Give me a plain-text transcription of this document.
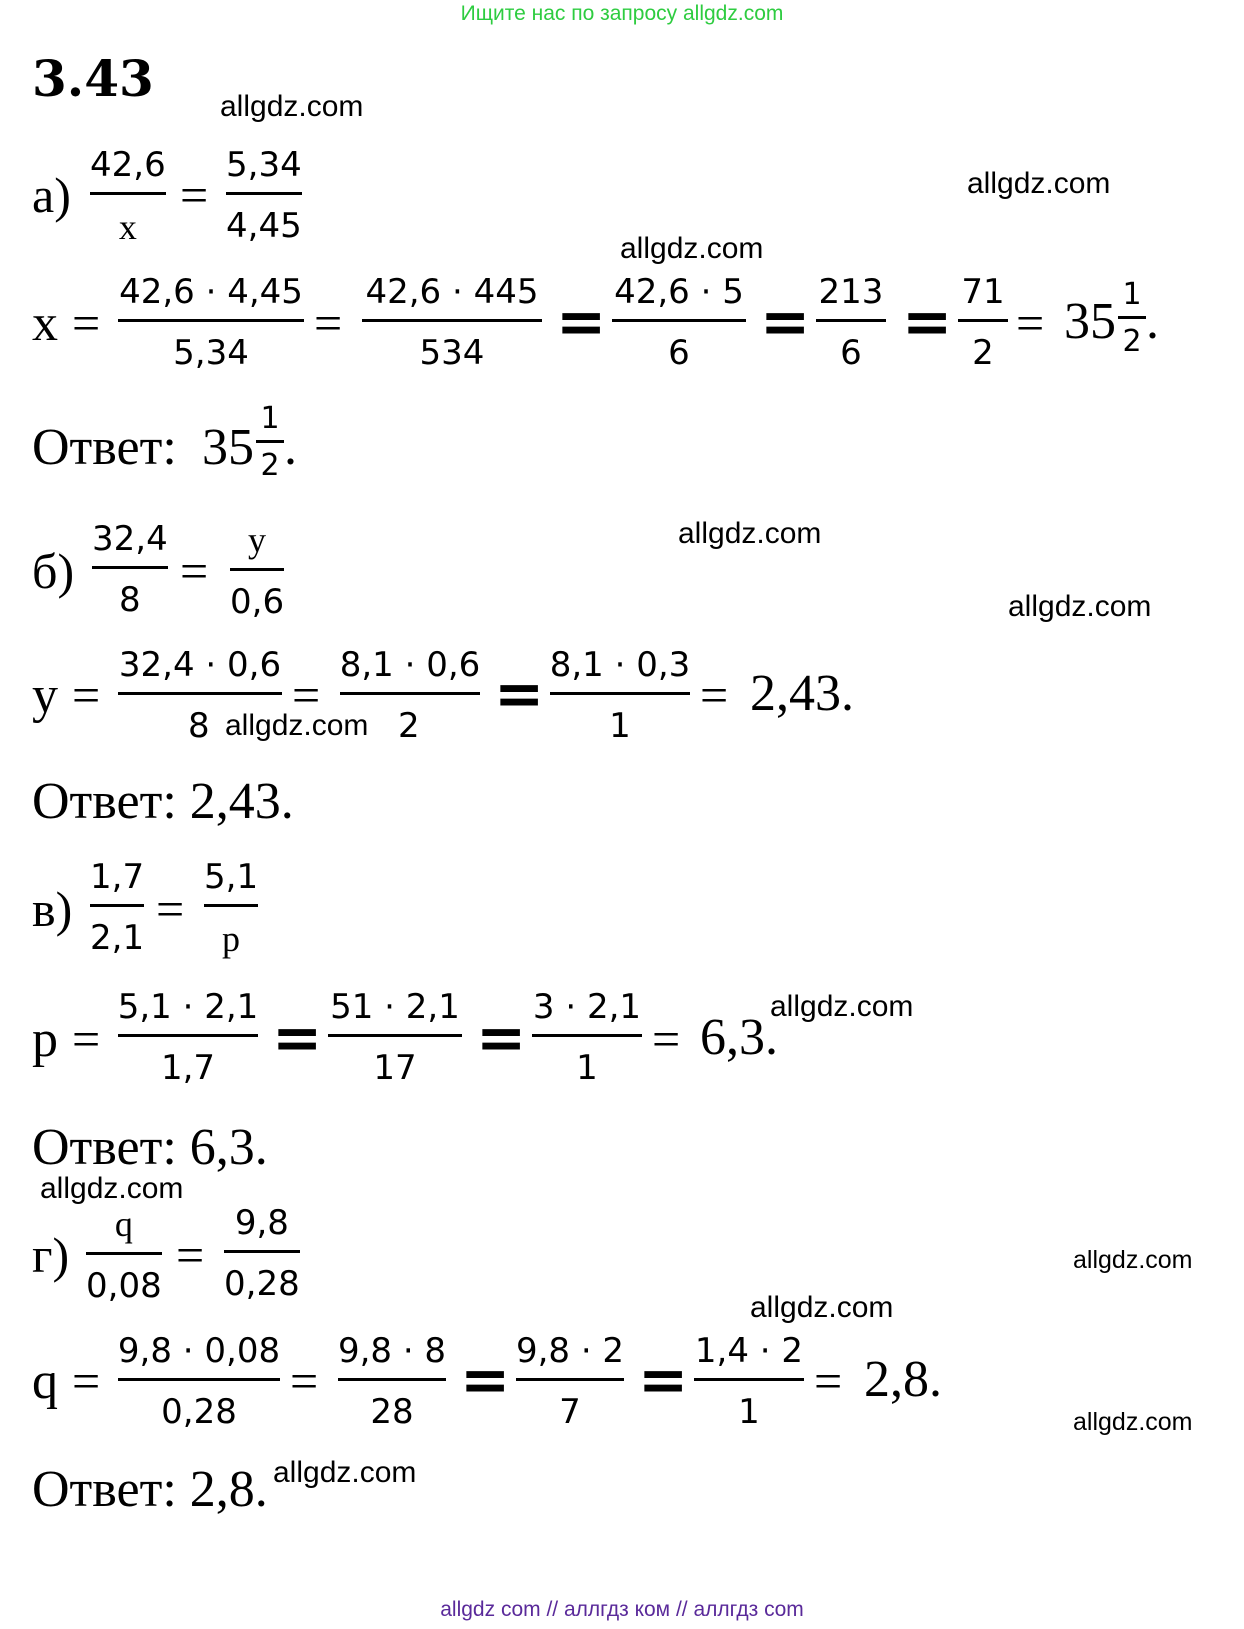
Ищите нас по запросу allgdz.com
allgdz com // аллгдз ком // аллгдз com
3.43 allgdz.com
allgdz.com
allgdz.com
allgdz.com
allgdz.com
allgdz.com
allgdz.com
allgdz.com
allgdz.com
allgdz.com
allgdz.com
allgdz.com
а)
42,6
x
=
5,34
4,45
x =
42,6 · 4,45
5,34
=
42,6 · 445
534 = 42,6 · 5
6 = 213
6 = 71
2
= 35 1
2 .
Ответ: 35
1
2 .
б)
32,4
8
=
y
0,6
y =
32,4 · 0,6
8
=
8,1 · 0,6
2 = 8,1 · 0,3
1
= 2,43.
Ответ: 2,43.
в)
1,7
2,1
=
5,1
p
p =
5,1 · 2,1
1,7 = 51 · 2,1
17 = 3 · 2,1
1
= 6,3.
Ответ: 6,3.
г)
q
0,08
=
9,8
0,28
q =
9,8 · 0,08
0,28
=
9,8 · 8
28 = 9,8 · 2
7 = 1,4 · 2
1
= 2,8.
Ответ: 2,8.
